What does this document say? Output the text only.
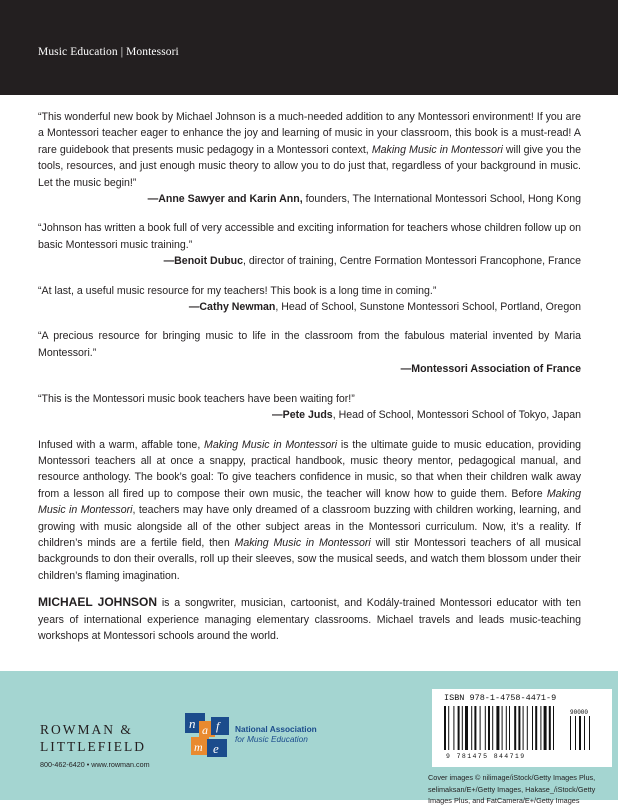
Music Education | Montessori

“This wonderful new book by Michael Johnson is a much-needed addition to any Montessori environment! If you are a Montessori teacher eager to enhance the joy and learning of music in your classroom, this book is a must-read! A rare guidebook that presents music pedagogy in a Montessori context, Making Music in Montessori will give you the tools, resources, and just enough music theory to allow you to do just that, regardless of your background in music. Let the music begin!”

—Anne Sawyer and Karin Ann, founders, The International Montessori School, Hong Kong

“Johnson has written a book full of very accessible and exciting information for teachers whose children follow up on basic Montessori music training.”

—Benoit Dubuc, director of training, Centre Formation Montessori Francophone, France

“At last, a useful music resource for my teachers! This book is a long time in coming.”

—Cathy Newman, Head of School, Sunstone Montessori School, Portland, Oregon

“A precious resource for bringing music to life in the classroom from the fabulous material invented by Maria Montessori.”

—Montessori Association of France

“This is the Montessori music book teachers have been waiting for!”

—Pete Juds, Head of School, Montessori School of Tokyo, Japan

Infused with a warm, affable tone, Making Music in Montessori is the ultimate guide to music education, providing Montessori teachers all at once a snappy, practical handbook, music theory mentor, pedagogical manual, and resource anthology. The book’s goal: To give teachers confidence in music, so that when their children walk away from a lesson all fired up to compose their own music, the teacher will know how to guide them. Before Making Music in Montessori, teachers may have only dreamed of a classroom buzzing with children working, learning, and growing with music alongside all of the other subject areas in the Montessori curriculum. Now, it’s a reality. If children’s minds are a fertile field, then Making Music in Montessori will stir Montessori teachers of all musical backgrounds to don their overalls, roll up their sleeves, sow the musical seeds, and watch them blossom under their children’s flaming imagination.

MICHAEL JOHNSON is a songwriter, musician, cartoonist, and Kodály-trained Montessori educator with ten years of international experience managing elementary classrooms. Michael travels and leads music-teaching workshops at Montessori schools around the world.

ROWMAN &
LITTLEFIELD
800-462-6420 • www.rowman.com
n a f
m e
National Association
for Music Education
ISBN 978-1-4758-4471-9
90000
9 781475 844719
Cover images © nilimage/iStock/Getty Images Plus,
selimaksan/E+/Getty Images, Hakase_/iStock/Getty
Images Plus, and FatCamera/E+/Getty Images
